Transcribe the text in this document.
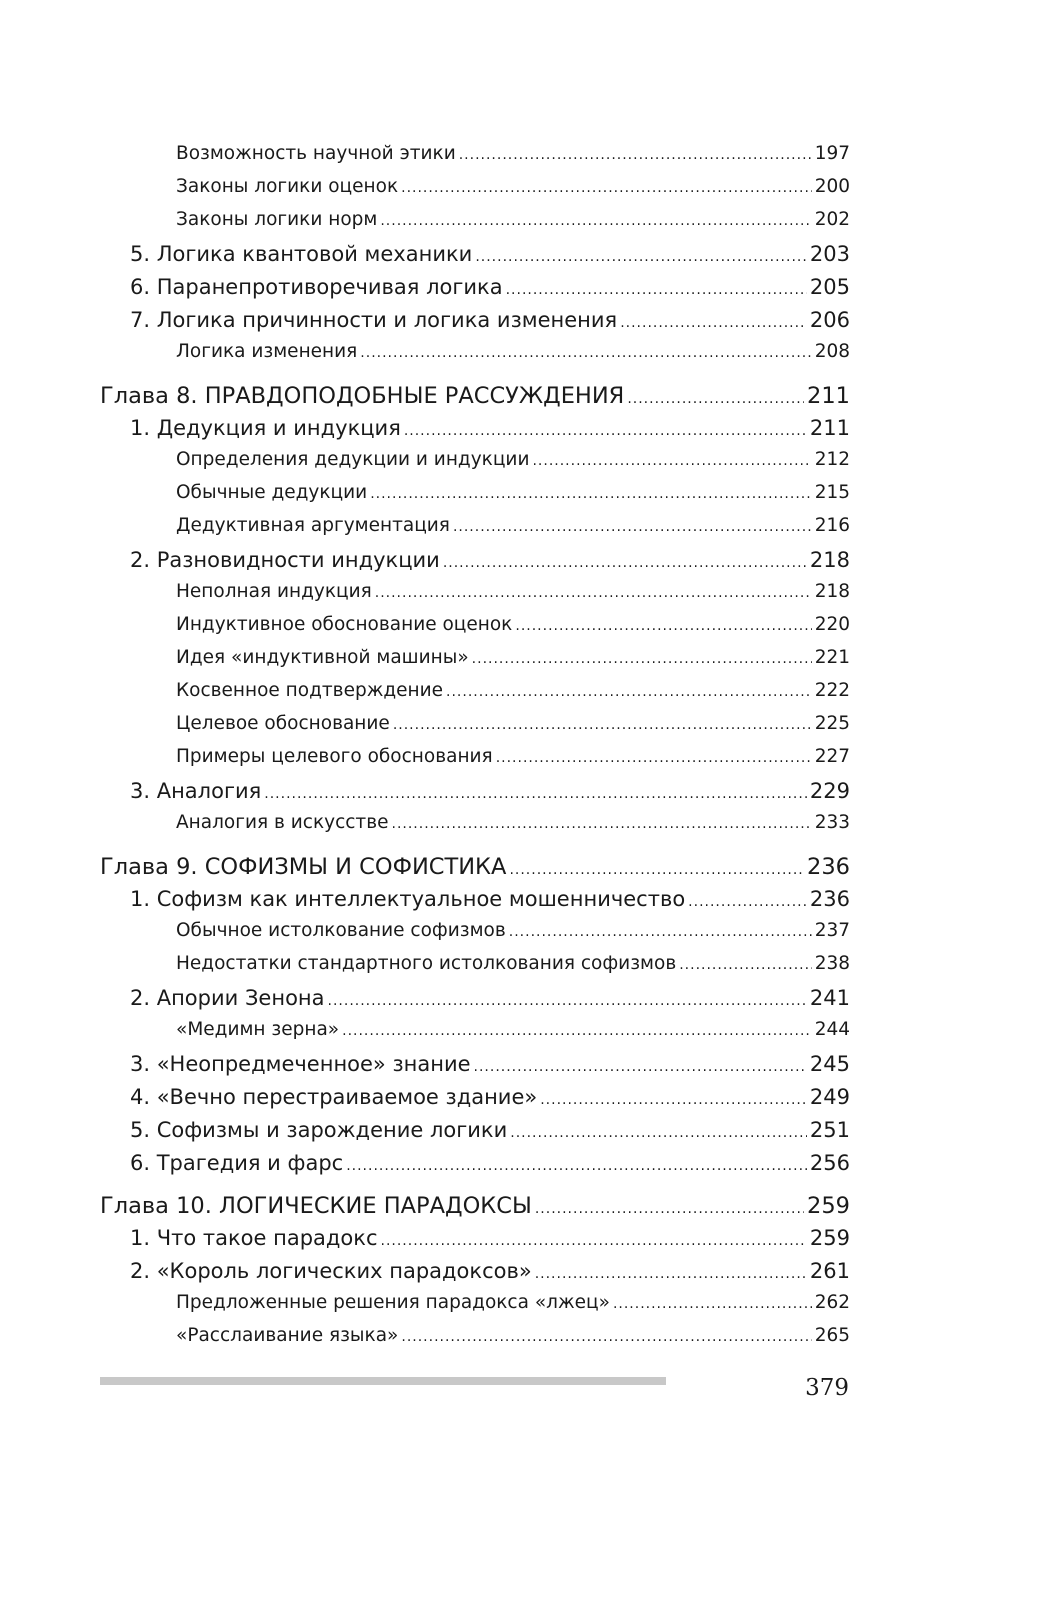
Возможность научной этики .....	197
Законы логики оценок .....	200
Законы логики норм .....	202
5. Логика квантовой механики .....	203
6. Паранепротиворечивая логика .....	205
7. Логика причинности и логика изменения .....	206
Логика изменения .....	208
Глава 8. ПРАВДОПОДОБНЫЕ РАССУЖДЕНИЯ .....	211
1. Дедукция и индукция .....	211
Определения дедукции и индукции .....	212
Обычные дедукции .....	215
Дедуктивная аргументация .....	216
2. Разновидности индукции .....	218
Неполная индукция .....	218
Индуктивное обоснование оценок .....	220
Идея «индуктивной машины» .....	221
Косвенное подтверждение .....	222
Целевое обоснование .....	225
Примеры целевого обоснования .....	227
3. Аналогия .....	229
Аналогия в искусстве .....	233
Глава 9. СОФИЗМЫ И СОФИСТИКА .....	236
1. Софизм как интеллектуальное мошенничество .....	236
Обычное истолкование софизмов .....	237
Недостатки стандартного истолкования софизмов .....	238
2. Апории Зенона .....	241
«Медимн зерна» .....	244
3. «Неопредмеченное» знание .....	245
4. «Вечно перестраиваемое здание» .....	249
5. Софизмы и зарождение логики .....	251
6. Трагедия и фарс .....	256
Глава 10. ЛОГИЧЕСКИЕ ПАРАДОКСЫ .....	259
1. Что такое парадокс .....	259
2. «Король логических парадоксов» .....	261
Предложенные решения парадокса «лжец» .....	262
«Расслаивание языка» .....	265
379
